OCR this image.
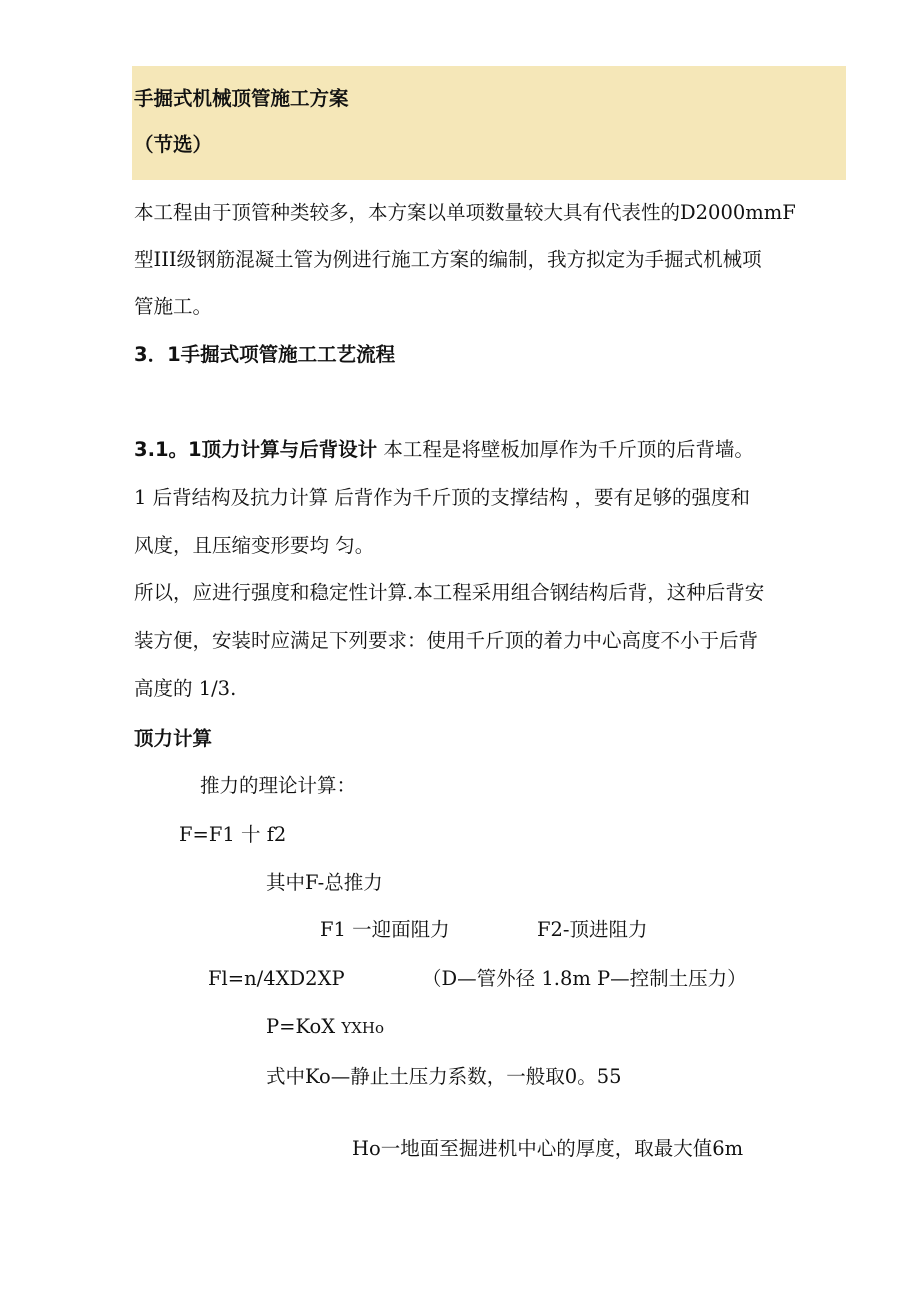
手掘式机械顶管施工方案
（节选）
本工程由于顶管种类较多，本方案以单项数量较大具有代表性的D2000mmF
型III级钢筋混凝土管为例进行施工方案的编制，我方拟定为手掘式机械项
管施工。
3．1手掘式项管施工工艺流程
3.1。1顶力计算与后背设计 本工程是将壁板加厚作为千斤顶的后背墙。
1 后背结构及抗力计算 后背作为千斤顶的支撑结构 ，要有足够的强度和
风度，且压缩变形要均 匀。
所以，应进行强度和稳定性计算.本工程采用组合钢结构后背，这种后背安
装方便，安装时应满足下列要求：使用千斤顶的着力中心高度不小于后背
高度的 1/3.
顶力计算
推力的理论计算：
F=F1 十 f2
其中F-总推力
F1 一迎面阻力	F2-顶进阻力
Fl=n/4XD2XP	（D—管外径 1.8m P—控制土压力）
P=KoX YXHo
式中Ko—静止土压力系数，一般取0。55
Ho一地面至掘进机中心的厚度，取最大值6m
